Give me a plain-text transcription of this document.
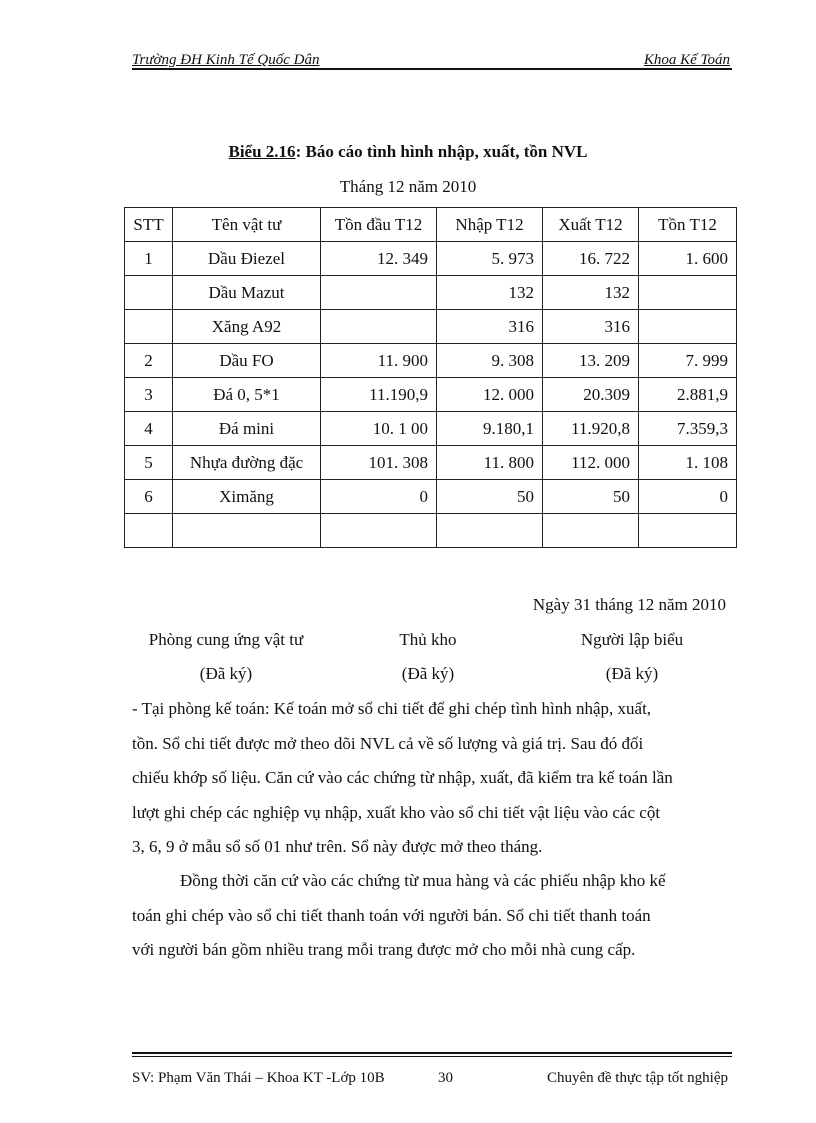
Trường ĐH Kinh Tế Quốc Dân	Khoa Kế Toán
Biểu 2.16: Báo cáo tình hình nhập, xuất, tồn NVL
Tháng 12 năm 2010
STT	Tên vật tư	Tồn đầu T12	Nhập T12	Xuất T12	Tồn T12
1	Dầu Điezel	12. 349	5. 973	16. 722	1. 600
	Dầu Mazut		132	132	
	Xăng A92		316	316	
2	Dầu FO	11. 900	9. 308	13. 209	7. 999
3	Đá 0, 5*1	11.190,9	12. 000	20.309	2.881,9
4	Đá mini	10. 1 00	9.180,1	11.920,8	7.359,3
5	Nhựa đường đặc	101. 308	11. 800	112. 000	1. 108
6	Ximăng	0	50	50	0

Ngày 31 tháng 12 năm 2010
Phòng cung ứng vật tư	Thủ kho	Người lập biểu
(Đã ký)	(Đã ký)	(Đã ký)
- Tại phòng kế toán: Kế toán mở sổ chi tiết để ghi chép tình hình nhập, xuất,
tồn. Sổ chi tiết được mở theo dõi NVL cả về số lượng và giá trị. Sau đó đối
chiếu khớp số liệu. Căn cứ vào các chứng từ nhập, xuất, đã kiểm tra kế toán lần
lượt ghi chép các nghiệp vụ nhập, xuất kho vào sổ chi tiết vật liệu vào các cột
3, 6, 9 ở mẫu sổ số 01 như trên. Sổ này được mở theo tháng.
Đồng thời căn cứ vào các chứng từ mua hàng và các phiếu nhập kho kế
toán ghi chép vào sổ chi tiết thanh toán với người bán. Sổ chi tiết thanh toán
với người bán gồm nhiều trang mỗi trang được mở cho mỗi nhà cung cấp.
SV: Phạm Văn Thái – Khoa KT -Lớp 10B	30	Chuyên đề thực tập tốt nghiệp
